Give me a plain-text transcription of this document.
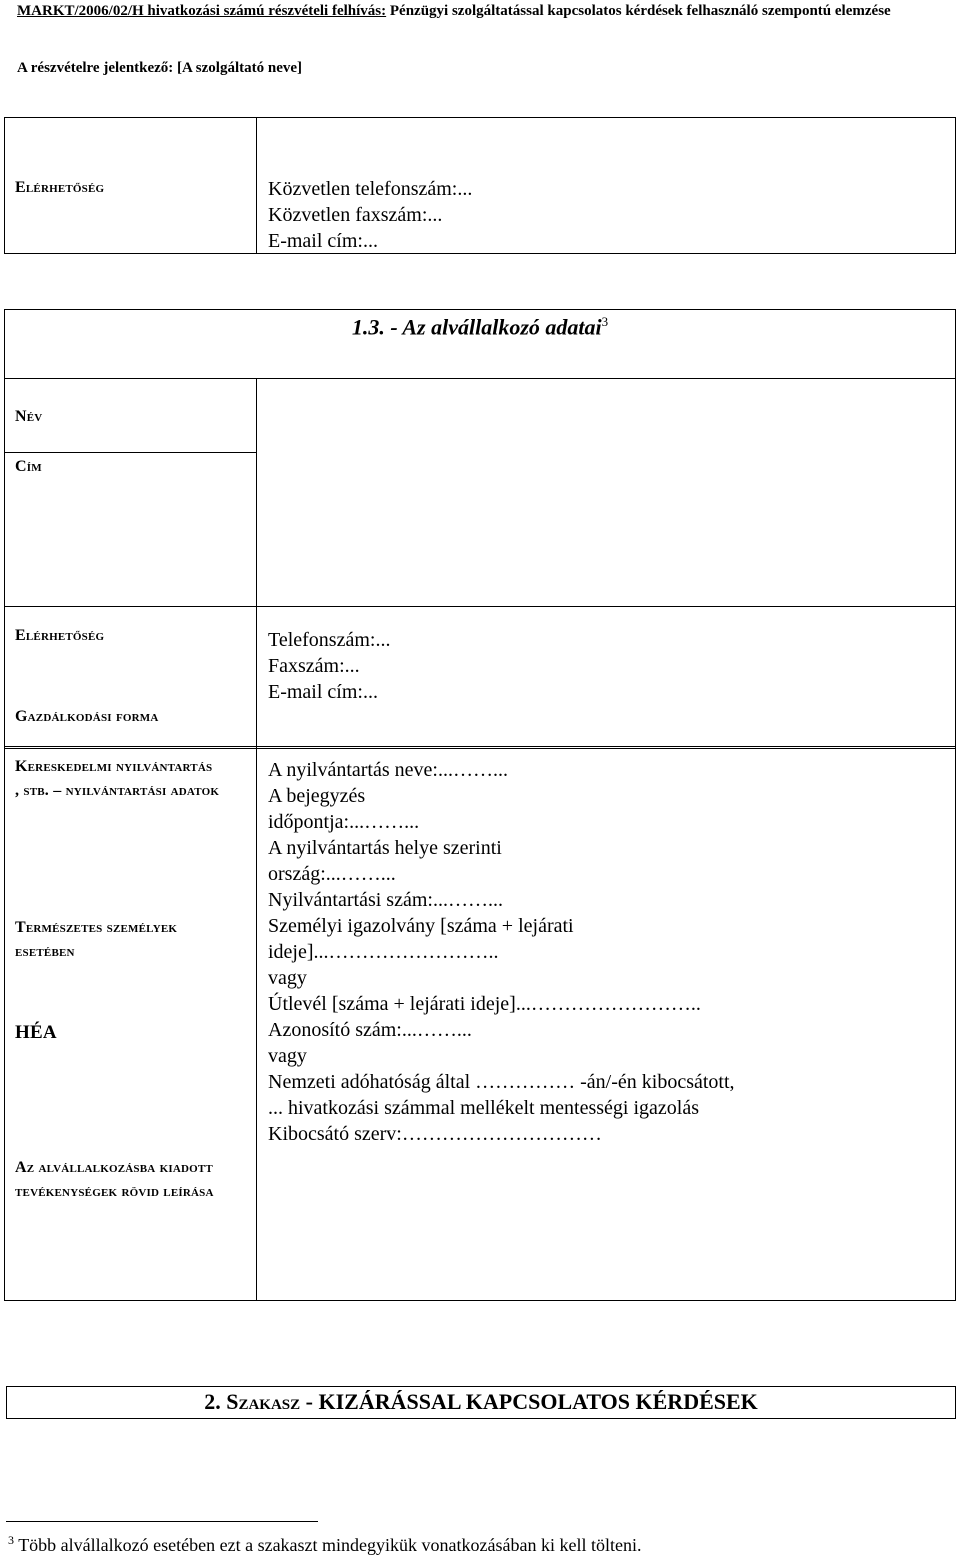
MARKT/2006/02/H hivatkozási számú részvételi felhívás: Pénzügyi szolgáltatással kapcsolatos kérdések felhasználó szempontú elemzése
A részvételre jelentkező: [A szolgáltató neve]
Elérhetőség	Közvetlen telefonszám:...
Közvetlen faxszám:...
E-mail cím:...
1.3. - Az alvállalkozó adatai$^3$
Név
Cím
Elérhetőség
Gazdálkodási forma
Kereskedelmi nyilvántartás , stb. – nyilvántartási adatok
Természetes személyek esetében
HÉA
Az alvállalkozásba kiadott tevékenységek rövid leírása
Telefonszám:...
Faxszám:...
E-mail cím:...
A nyilvántartás neve:...……...
A bejegyzés
időpontja:...……...
A nyilvántartás helye szerinti
ország:...……...
Nyilvántartási szám:...……...
Személyi igazolvány [száma + lejárati
ideje]...……………………..
vagy
Útlevél [száma + lejárati ideje]...……………………..
Azonosító szám:...……...
vagy
Nemzeti adóhatóság által …………… -án/-én kibocsátott,
... hivatkozási számmal mellékelt mentességi igazolás
Kibocsátó szerv:…………………………
2. Szakasz - KIZÁRÁSSAL KAPCSOLATOS KÉRDÉSEK
$^3$ Több alvállalkozó esetében ezt a szakaszt mindegyikük vonatkozásában ki kell tölteni.
